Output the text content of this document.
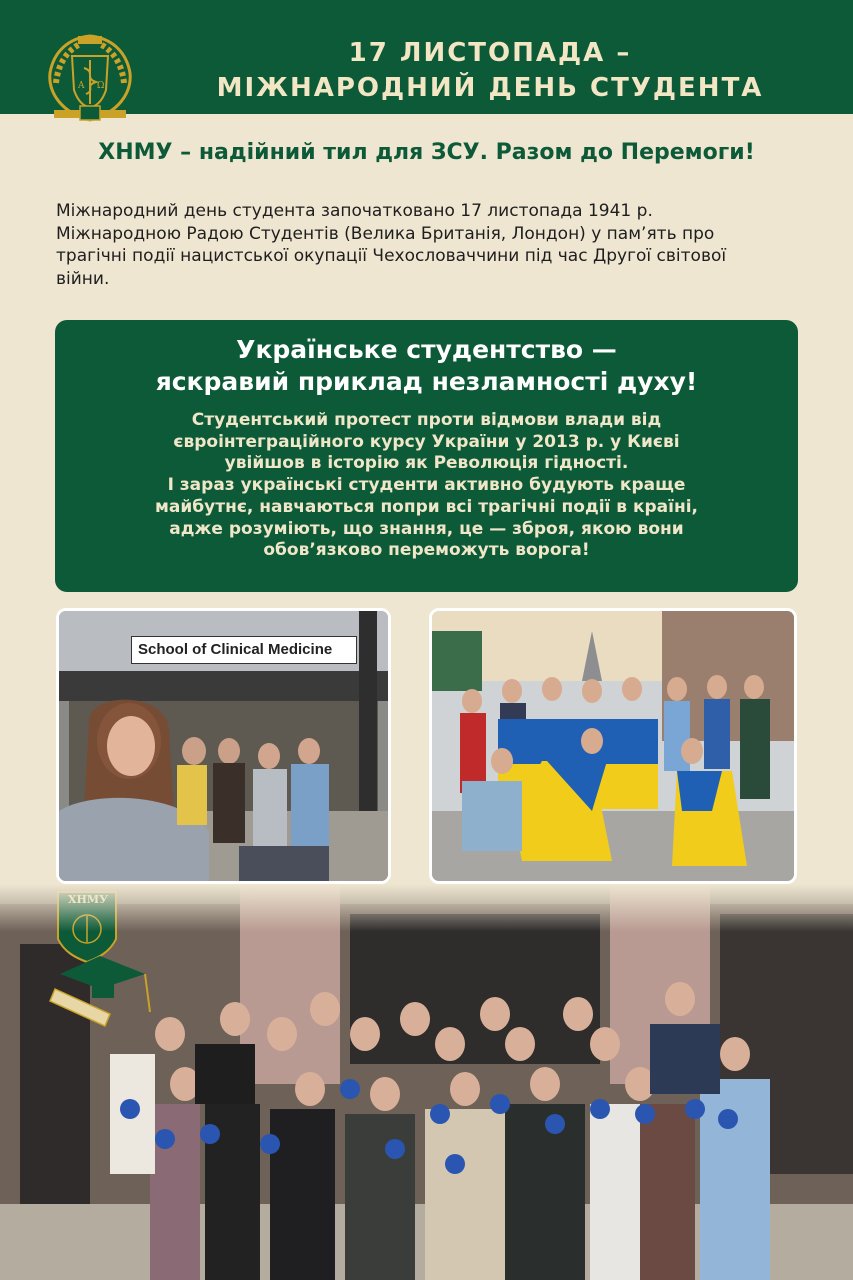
Α Ω
17 ЛИСТОПАДА –
МІЖНАРОДНИЙ ДЕНЬ СТУДЕНТА
ХНМУ – надійний тил для ЗСУ. Разом до Перемоги!
Міжнародний день студента започатковано 17 листопада 1941 р.
Міжнародною Радою Студентів (Велика Британія, Лондон) у пам’ять про
трагічні події нацистської окупації Чехословаччини під час Другої світової
війни.
Українське студентство —
яскравий приклад незламності духу!
Студентський протест проти відмови влади від
євроінтеграційного курсу України у 2013 р. у Києві
увійшов в історію як Революція гідності.
І зараз українські студенти активно будують краще
майбутнє, навчаються попри всі трагічні події в країні,
адже розуміють, що знання, це — зброя, якою вони
обов’язково переможуть ворога!
School of Clinical Medicine
ХНМУ
